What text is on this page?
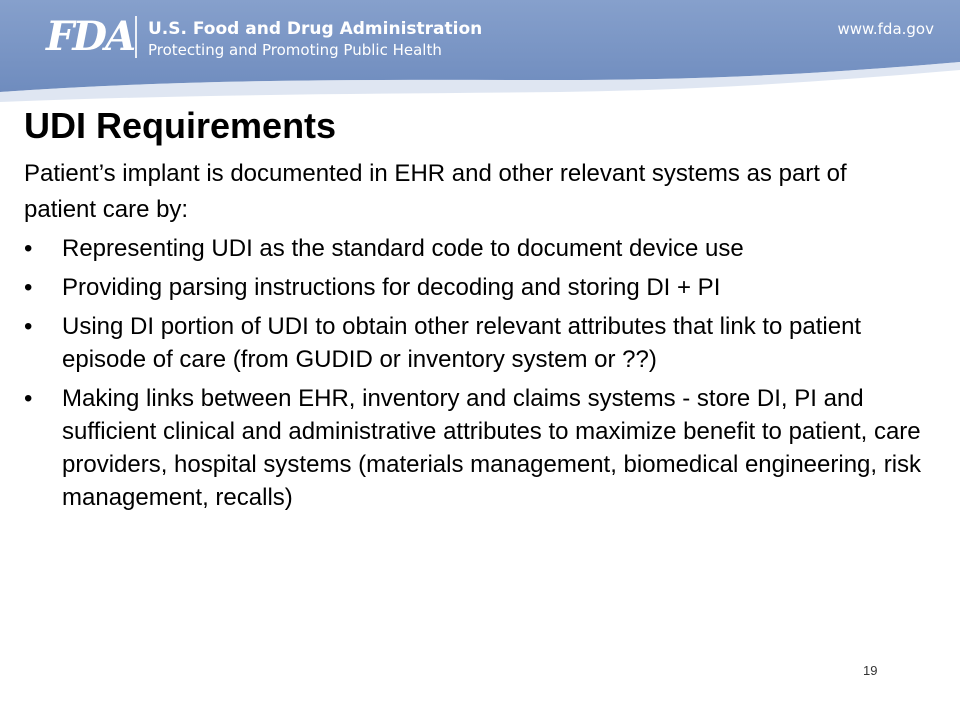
FDA U.S. Food and Drug Administration
Protecting and Promoting Public Health
www.fda.gov
UDI Requirements

Patient’s implant is documented in EHR and other relevant systems as part of patient care by:

• Representing UDI as the standard code to document device use
• Providing parsing instructions for decoding and storing DI + PI
• Using DI portion of UDI to obtain other relevant attributes that link to patient episode of care (from GUDID or inventory system or ??)
• Making links between EHR, inventory and claims systems - store DI, PI and sufficient clinical and administrative attributes to maximize benefit to patient, care providers, hospital systems (materials management, biomedical engineering, risk management, recalls)
19
